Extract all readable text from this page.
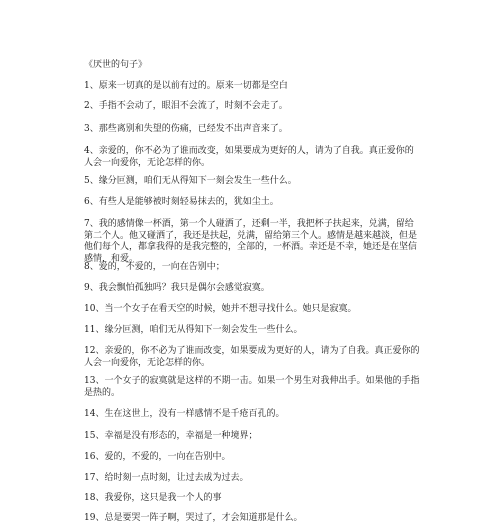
《厌世的句子》
1、原来一切真的是以前有过的。原来一切都是空白
2、手指不会动了，眼泪不会流了，时刻不会走了。
3、那些离别和失望的伤痛，已经发不出声音来了。
4、亲爱的，你不必为了谁而改变，如果要成为更好的人，请为了自我。真正爱你的人会一向爱你，无论怎样的你。
5、缘分叵测，咱们无从得知下一刻会发生一些什么。
6、有些人是能够被时刻轻易抹去的，犹如尘土。
7、我的感情像一杯酒，第一个人碰洒了，还剩一半，我把杯子扶起来，兑满，留给第二个人。他又碰洒了，我还是扶起，兑满，留给第三个人。感情是越来越淡，但是他们每个人，都拿我得的是我完整的，全部的，一杯酒。幸还是不幸，她还是在坚信感情，和爱。
8、爱的，不爱的，一向在告别中；
9、我会飘怕孤独吗？我只是偶尔会感觉寂寞。
10、当一个女子在看天空的时候，她并不想寻找什么。她只是寂寞。
11、缘分叵测，咱们无从得知下一刻会发生一些什么。
12、亲爱的，你不必为了谁而改变，如果要成为更好的人，请为了自我。真正爱你的人会一向爱你，无论怎样的你。
13、一个女子的寂寞就是这样的不期一击。如果一个男生对我伸出手。如果他的手指是热的。
14、生在这世上，没有一样感情不是千疮百孔的。
15、幸福是没有形态的，幸福是一种境界；
16、爱的，不爱的，一向在告别中。
17、给时刻一点时刻，让过去成为过去。
18、我爱你，这只是我一个人的事
19、总是要哭一阵子啊，哭过了，才会知道那是什么。
